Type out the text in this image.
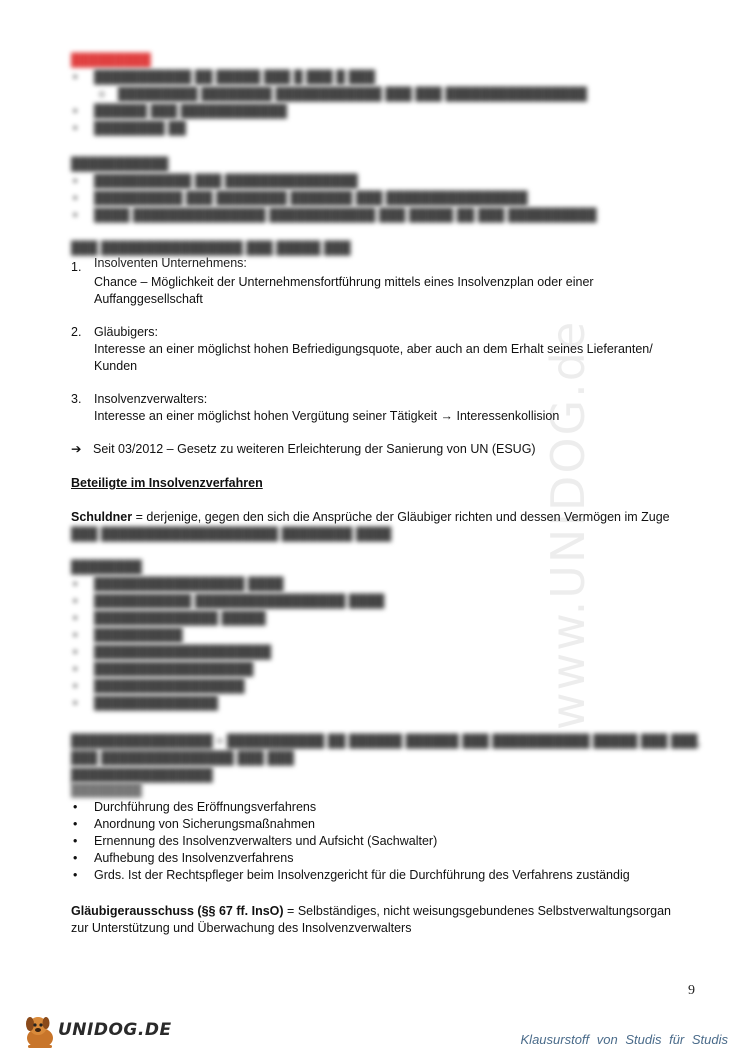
www.UNIDOG.de
█████████
• ███████████ ██ █████ ███ █ ███ █ ███
o █████████ ████████ ████████████ ███ ███ ████████████████
• ██████ ███ ████████████
• ████████ ██
███████████
• ███████████ ███ ███████████████
• ██████████ ███ ████████ ███████ ███ ████████████████
• ████ ███████████████ ████████████ ███ █████ ██ ███ ██████████
███ ████████████████ ███ █████ ███
1. Insolventen Unternehmens:
Chance – Möglichkeit der Unternehmensfortführung mittels eines Insolvenzplan oder einer
Auffanggesellschaft
2. Gläubigers:
Interesse an einer möglichst hohen Befriedigungsquote, aber auch an dem Erhalt seines Lieferanten/
Kunden
3. Insolvenzverwalters:
Interesse an einer möglichst hohen Vergütung seiner Tätigkeit → Interessenkollision
➔ Seit 03/2012 – Gesetz zu weiteren Erleichterung der Sanierung von UN (ESUG)
Beteiligte im Insolvenzverfahren
Schuldner = derjenige, gegen den sich die Ansprüche der Gläubiger richten und dessen Vermögen im Zuge
███ ████████████████████ ████████ ████
████████
• █████████████████ ████
• ███████████ █████████████████ ████
• ██████████████ █████
• ██████████
• ████████████████████
• ██████████████████
• █████████████████
• ██████████████
████████████████ = ███████████ ██ ██████ ██████ ███ ███████████ █████ ███ ███, ███ ███████████████ ███ ███
████████████████
████████
• Durchführung des Eröffnungsverfahrens
• Anordnung von Sicherungsmaßnahmen
• Ernennung des Insolvenzverwalters und Aufsicht (Sachwalter)
• Aufhebung des Insolvenzverfahrens
• Grds. Ist der Rechtspfleger beim Insolvenzgericht für die Durchführung des Verfahrens zuständig
Gläubigerausschuss (§§ 67 ff. InsO) = Selbständiges, nicht weisungsgebundenes Selbstverwaltungsorgan
zur Unterstützung und Überwachung des Insolvenzverwalters
9
UNIDOG.DE	Klausurstoff von Studis für Studis
